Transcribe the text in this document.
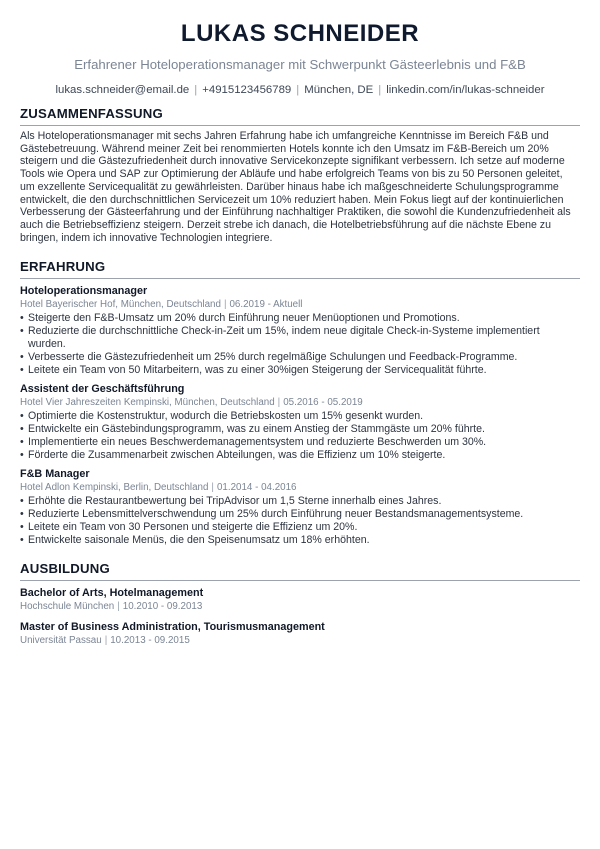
LUKAS SCHNEIDER
Erfahrener Hoteloperationsmanager mit Schwerpunkt Gästeerlebnis und F&B
lukas.schneider@email.de | +4915123456789 | München, DE | linkedin.com/in/lukas-schneider
ZUSAMMENFASSUNG
Als Hoteloperationsmanager mit sechs Jahren Erfahrung habe ich umfangreiche Kenntnisse im Bereich F&B und Gästebetreuung. Während meiner Zeit bei renommierten Hotels konnte ich den Umsatz im F&B-Bereich um 20% steigern und die Gästezufriedenheit durch innovative Servicekonzepte signifikant verbessern. Ich setze auf moderne Tools wie Opera und SAP zur Optimierung der Abläufe und habe erfolgreich Teams von bis zu 50 Personen geleitet, um exzellente Servicequalität zu gewährleisten. Darüber hinaus habe ich maßgeschneiderte Schulungsprogramme entwickelt, die den durchschnittlichen Servicezeit um 10% reduziert haben. Mein Fokus liegt auf der kontinuierlichen Verbesserung der Gästeerfahrung und der Einführung nachhaltiger Praktiken, die sowohl die Kundenzufriedenheit als auch die Betriebseffizienz steigern. Derzeit strebe ich danach, die Hotelbetriebsführung auf die nächste Ebene zu bringen, indem ich innovative Technologien integriere.
ERFAHRUNG
Hoteloperationsmanager
Hotel Bayerischer Hof, München, Deutschland | 06.2019 - Aktuell
• Steigerte den F&B-Umsatz um 20% durch Einführung neuer Menüoptionen und Promotions.
• Reduzierte die durchschnittliche Check-in-Zeit um 15%, indem neue digitale Check-in-Systeme implementiert wurden.
• Verbesserte die Gästezufriedenheit um 25% durch regelmäßige Schulungen und Feedback-Programme.
• Leitete ein Team von 50 Mitarbeitern, was zu einer 30%igen Steigerung der Servicequalität führte.
Assistent der Geschäftsführung
Hotel Vier Jahreszeiten Kempinski, München, Deutschland | 05.2016 - 05.2019
• Optimierte die Kostenstruktur, wodurch die Betriebskosten um 15% gesenkt wurden.
• Entwickelte ein Gästebindungsprogramm, was zu einem Anstieg der Stammgäste um 20% führte.
• Implementierte ein neues Beschwerdemanagementsystem und reduzierte Beschwerden um 30%.
• Förderte die Zusammenarbeit zwischen Abteilungen, was die Effizienz um 10% steigerte.
F&B Manager
Hotel Adlon Kempinski, Berlin, Deutschland | 01.2014 - 04.2016
• Erhöhte die Restaurantbewertung bei TripAdvisor um 1,5 Sterne innerhalb eines Jahres.
• Reduzierte Lebensmittelverschwendung um 25% durch Einführung neuer Bestandsmanagementsysteme.
• Leitete ein Team von 30 Personen und steigerte die Effizienz um 20%.
• Entwickelte saisonale Menüs, die den Speisenumsatz um 18% erhöhten.
AUSBILDUNG
Bachelor of Arts, Hotelmanagement
Hochschule München | 10.2010 - 09.2013
Master of Business Administration, Tourismusmanagement
Universität Passau | 10.2013 - 09.2015
